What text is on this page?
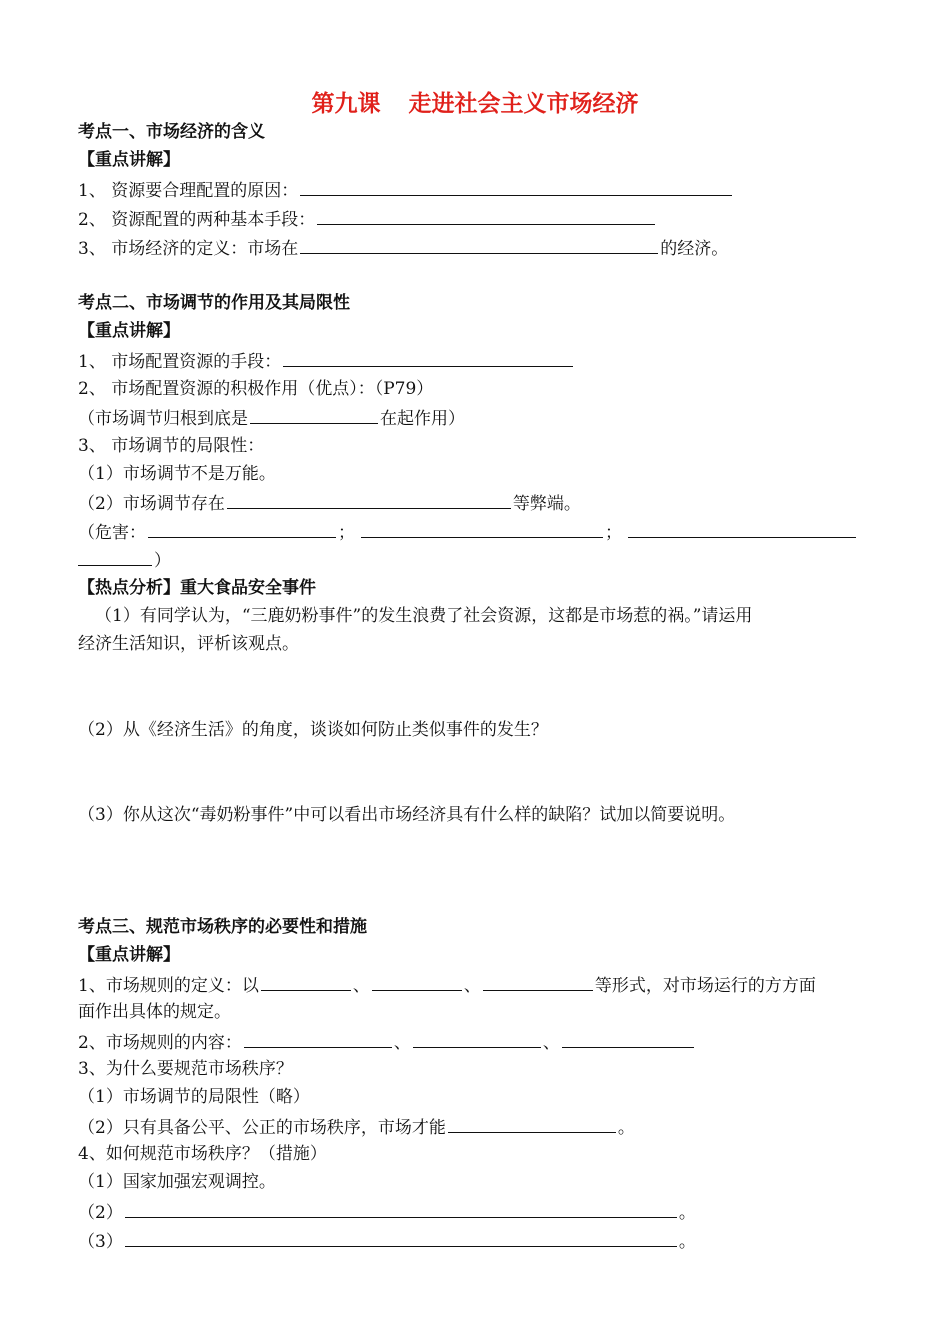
第九课 走进社会主义市场经济
考点一、市场经济的含义
【重点讲解】
1、 资源要合理配置的原因：
2、 资源配置的两种基本手段：
3、 市场经济的定义：市场在	的经济。
考点二、市场调节的作用及其局限性
【重点讲解】
1、 市场配置资源的手段：
2、 市场配置资源的积极作用（优点）：（P79）
（市场调节归根到底是	在起作用）
3、 市场调节的局限性：
（1）市场调节不是万能。
（2）市场调节存在	等弊端。
（危害：	；	；
）
【热点分析】重大食品安全事件
（1）有同学认为，“三鹿奶粉事件”的发生浪费了社会资源，这都是市场惹的祸。”请运用
经济生活知识，评析该观点。
（2）从《经济生活》的角度，谈谈如何防止类似事件的发生？
（3）你从这次“毒奶粉事件”中可以看出市场经济具有什么样的缺陷？试加以简要说明。
考点三、规范市场秩序的必要性和措施
【重点讲解】
1、市场规则的定义：以	、	、	等形式，对市场运行的方方面
面作出具体的规定。
2、市场规则的内容：	、	、
3、为什么要规范市场秩序？
（1）市场调节的局限性（略）
（2）只有具备公平、公正的市场秩序，市场才能	。
4、如何规范市场秩序？（措施）
（1）国家加强宏观调控。
（2）	。
（3）	。
